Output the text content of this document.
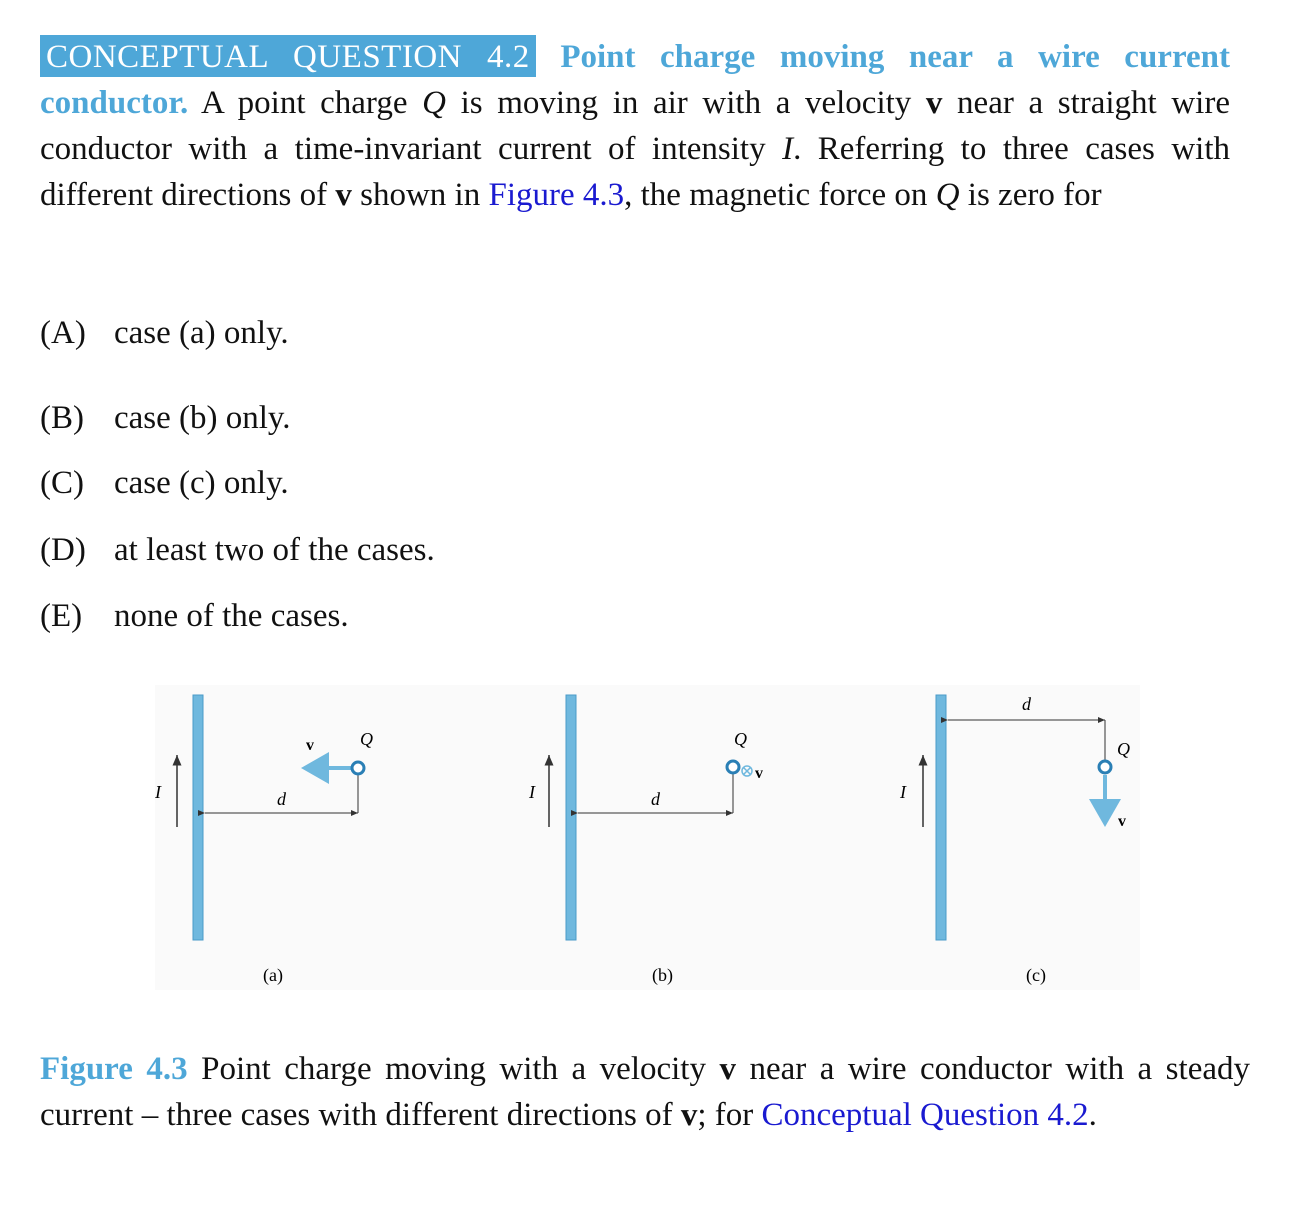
CONCEPTUAL QUESTION 4.2 Point charge moving near a wire current conductor. A point charge Q is moving in air with a velocity v near a straight wire conductor with a time-invariant current of intensity I. Referring to three cases with different directions of v shown in Figure 4.3, the magnetic force on Q is zero for
(A) case (a) only.
(B) case (b) only.
(C) case (c) only.
(D) at least two of the cases.
(E) none of the cases.
I	d
v	Q
(a)
I	d
v
Q
(b)
I
d
Q
v
(c)
Figure 4.3 Point charge moving with a velocity v near a wire conductor with a steady current – three cases with different directions of v; for Conceptual Question 4.2.
